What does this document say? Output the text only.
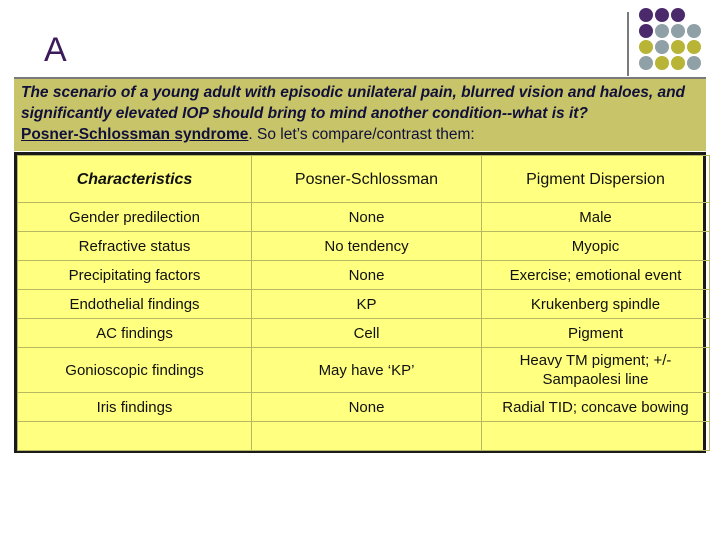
A
The scenario of a young adult with episodic unilateral pain, blurred vision and haloes, and significantly elevated IOP should bring to mind another condition--what is it?
Posner-Schlossman syndrome. So let’s compare/contrast them:
Characteristics	Posner-Schlossman	Pigment Dispersion
Gender predilection	None	Male
Refractive status	No tendency	Myopic
Precipitating factors	None	Exercise; emotional event
Endothelial findings	KP	Krukenberg spindle
AC findings	Cell	Pigment
Gonioscopic findings	May have ‘KP’	Heavy TM pigment; +/- Sampaolesi line
Iris findings	None	Radial TID; concave bowing
